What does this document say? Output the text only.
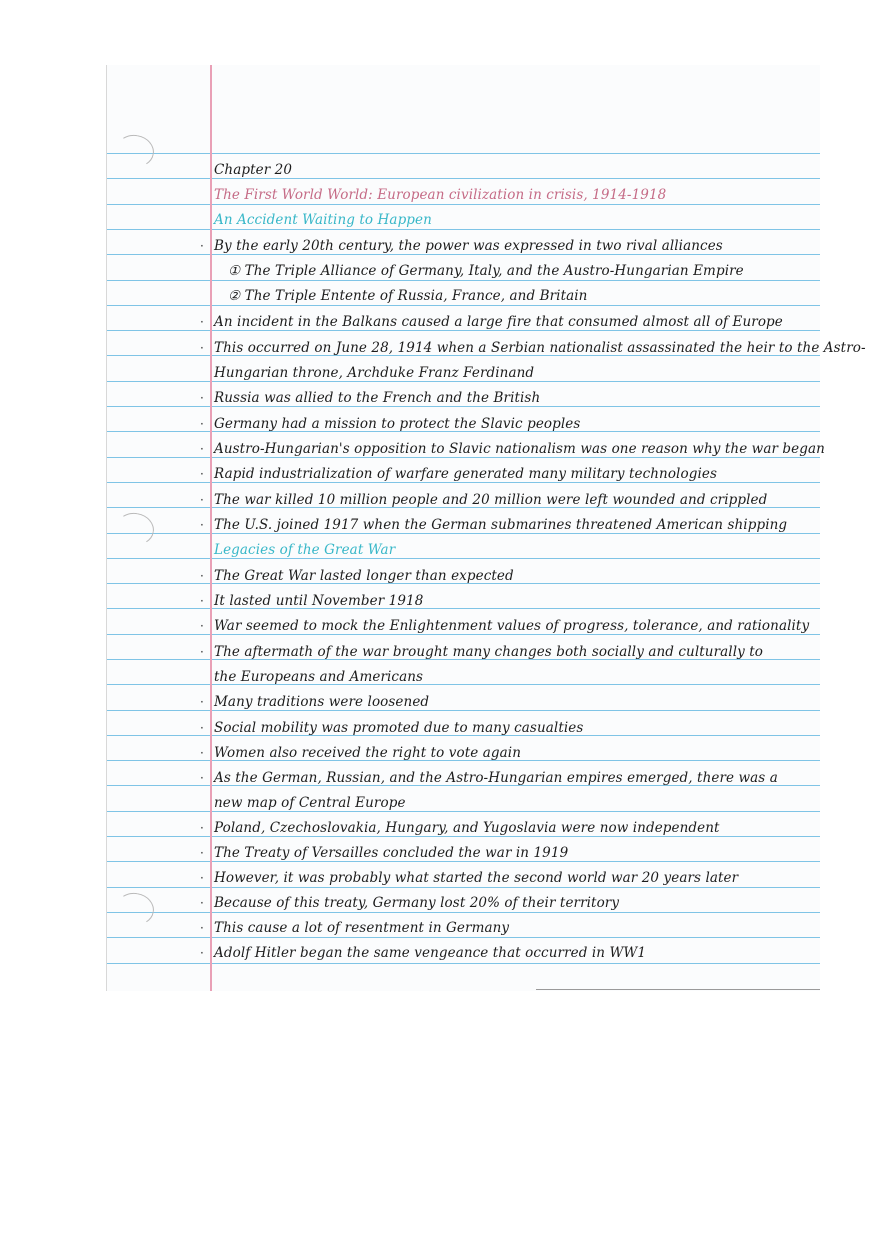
Chapter 20
The First World World: European civilization in crisis, 1914-1918
An Accident Waiting to Happen
· By the early 20th century, the power was expressed in two rival alliances
① The Triple Alliance of Germany, Italy, and the Austro-Hungarian Empire
② The Triple Entente of Russia, France, and Britain
· An incident in the Balkans caused a large fire that consumed almost all of Europe
· This occurred on June 28, 1914 when a Serbian nationalist assassinated the heir to the Astro-
Hungarian throne, Archduke Franz Ferdinand
· Russia was allied to the French and the British
· Germany had a mission to protect the Slavic peoples
· Austro-Hungarian's opposition to Slavic nationalism was one reason why the war began
· Rapid industrialization of warfare generated many military technologies
· The war killed 10 million people and 20 million were left wounded and crippled
· The U.S. joined 1917 when the German submarines threatened American shipping
Legacies of the Great War
· The Great War lasted longer than expected
· It lasted until November 1918
· War seemed to mock the Enlightenment values of progress, tolerance, and rationality
· The aftermath of the war brought many changes both socially and culturally to
the Europeans and Americans
· Many traditions were loosened
· Social mobility was promoted due to many casualties
· Women also received the right to vote again
· As the German, Russian, and the Astro-Hungarian empires emerged, there was a
new map of Central Europe
· Poland, Czechoslovakia, Hungary, and Yugoslavia were now independent
· The Treaty of Versailles concluded the war in 1919
· However, it was probably what started the second world war 20 years later
· Because of this treaty, Germany lost 20% of their territory
· This cause a lot of resentment in Germany
· Adolf Hitler began the same vengeance that occurred in WW1
